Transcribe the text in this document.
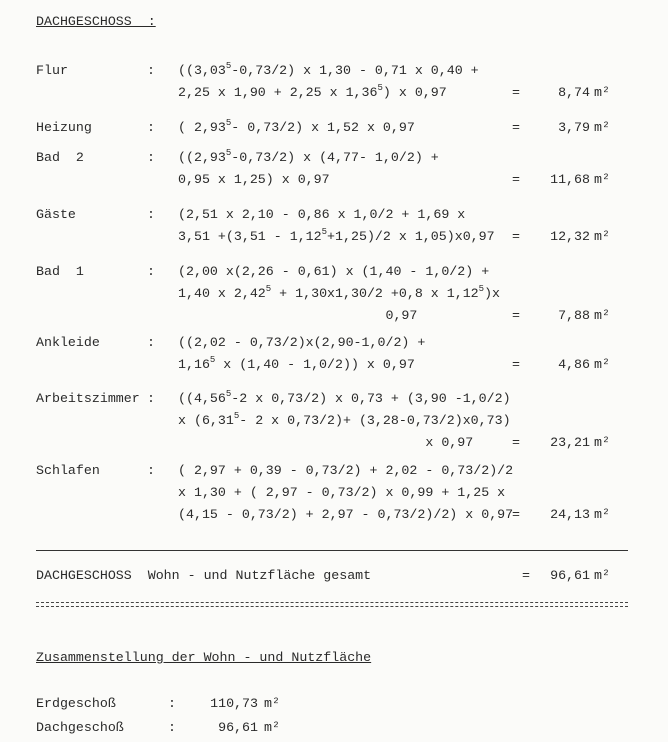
DACHGESCHOSS  :
Flur	: ((3,03$^5$-0,73/2) x 1,30 - 0,71 x 0,40 +
2,25 x 1,90 + 2,25 x 1,36$^5$) x 0,97	=	8,74 m²
Heizung	: ( 2,93$^5$- 0,73/2) x 1,52 x 0,97	=	3,79 m²
Bad  2	: ((2,93$^5$-0,73/2) x (4,77- 1,0/2) +
0,95 x 1,25) x 0,97	=	11,68 m²
Gäste	: (2,51 x 2,10 - 0,86 x 1,0/2 + 1,69 x
$3,51 +(3,51 - 1,12^5+1,25)/2$ x 1,05)x0,97 =	12,32 m²
Bad  1	: (2,00 x(2,26 - 0,61) x (1,40 - 1,0/2) +
1,40 x $2,42^5 + 1,30x1,30/2 +0,8$ x 1,12$^5$)x
0,97	=	7,88 m²
Ankleide	: ((2,02 - 0,73/2)x(2,90-1,0/2) +
$1,16^5$ x (1,40 - 1,0/2)) x 0,97	=	4,86 m²
Arbeitszimmer : ((4,56$^5$-2 x 0,73/2) x 0,73 + (3,90 -1,0/2)
x (6,31$^5$- 2 x 0,73/2)+ (3,28-0,73/2)x0,73)
x 0,97	=	23,21 m²
Schlafen	: ( 2,97 + 0,39 - 0,73/2) + 2,02 - 0,73/2)/2
x 1,30 + ( 2,97 - 0,73/2) x 0,99 + 1,25 x
(4,15 - 0,73/2) + 2,97 - 0,73/2)/2) x 0,97
=	24,13 m²
DACHGESCHOSS  Wohn - und Nutzfläche gesamt	=	96,61 m²
Zusammenstellung der Wohn - und Nutzfläche
Erdgeschoß	:	110,73 m²
Dachgeschoß	:	96,61 m²
